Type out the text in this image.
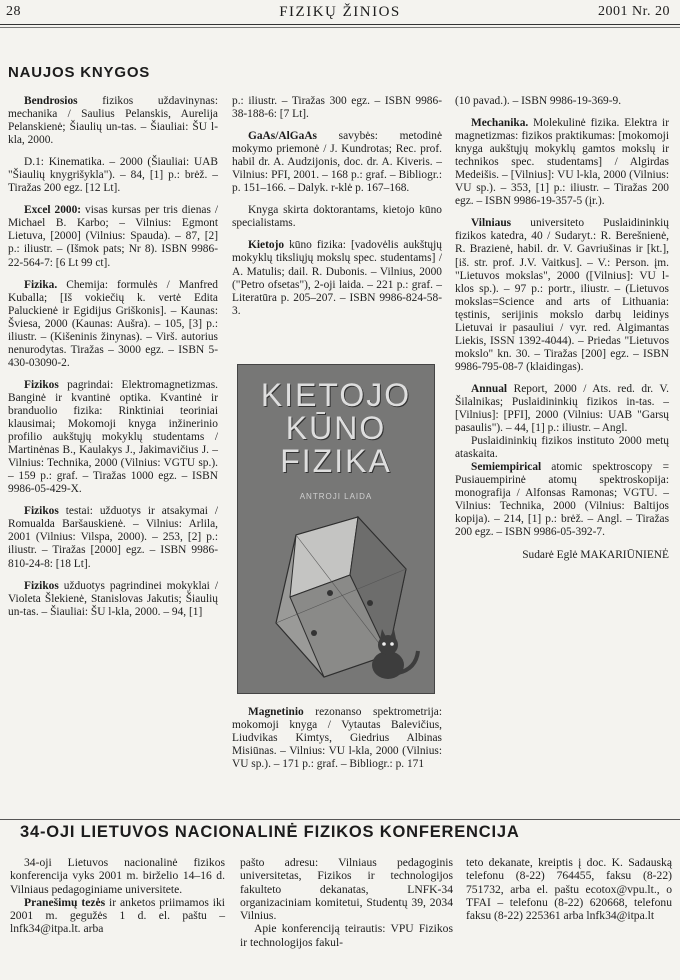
28	FIZIKŲ ŽINIOS	2001 Nr. 20
NAUJOS KNYGOS

Bendrosios fizikos uždavinynas: mechanika / Saulius Pelanskis, Aurelija Pelanskienė; Šiaulių un-tas. – Šiauliai: ŠU l-kla, 2000.

D.1: Kinematika. – 2000 (Šiauliai: UAB "Šiaulių knygrišykla"). – 84, [1] p.: brėž. – Tiražas 200 egz. [12 Lt].

Excel 2000: visas kursas per tris dienas / Michael B. Karbo; – Vilnius: Egmont Lietuva, [2000] (Vilnius: Spauda). – 87, [2] p.: iliustr. – (Išmok pats; Nr 8). ISBN 9986-22-564-7: [6 Lt 99 ct].

Fizika. Chemija: formulės / Manfred Kuballa; [Iš vokiečių k. vertė Edita Paluckienė ir Egidijus Griškonis]. – Kaunas: Šviesa, 2000 (Kaunas: Aušra). – 105, [3] p.: iliustr. – (Kišeninis žinynas). – Virš. autorius nenurodytas. Tiražas – 3000 egz. – ISBN 5-430-03090-2.

Fizikos pagrindai: Elektromagnetizmas. Banginė ir kvantinė optika. Kvantinė ir branduolio fizika: Rinktiniai teoriniai klausimai; Mokomoji knyga inžinerinio profilio aukštųjų mokyklų studentams / Martinėnas B., Kaulakys J., Jakimavičius J. – Vilnius: Technika, 2000 (Vilnius: VGTU sp.). – 159 p.: graf. – Tiražas 1000 egz. – ISBN 9986-05-429-X.

Fizikos testai: užduotys ir atsakymai / Romualda Baršauskienė. – Vilnius: Arlila, 2001 (Vilnius: Vilspa, 2000). – 253, [2] p.: iliustr. – Tiražas [2000] egz. – ISBN 9986-810-24-8: [18 Lt].

Fizikos užduotys pagrindinei mokyklai / Violeta Šlekienė, Stanislovas Jakutis; Šiaulių un-tas. – Šiauliai: ŠU l-kla, 2000. – 94, [1]

p.: iliustr. – Tiražas 300 egz. – ISBN 9986-38-188-6: [7 Lt].

GaAs/AlGaAs savybės: metodinė mokymo priemonė / J. Kundrotas; Rec. prof. habil dr. A. Audzijonis, doc. dr. A. Kiveris. – Vilnius: PFI, 2001. – 168 p.: graf. – Bibliogr.: p. 151–166. – Dalyk. r-klė p. 167–168.

Knyga skirta doktorantams, kietojo kūno specialistams.

Kietojo kūno fizika: [vadovėlis aukštųjų mokyklų tiksliųjų mokslų spec. studentams] / A. Matulis; dail. R. Dubonis. – Vilnius, 2000 ("Petro ofsetas"), 2-oji laida. – 221 p.: graf. – Literatūra p. 205–207. – ISBN 9986-824-58-3.

KIETOJO
KŪNO
FIZIKA
ANTROJI LAIDA

Magnetinio rezonanso spektrometrija: mokomoji knyga / Vytautas Balevičius, Liudvikas Kimtys, Giedrius Albinas Misiūnas. – Vilnius: VU l-kla, 2000 (Vilnius: VU sp.). – 171 p.: graf. – Bibliogr.: p. 171

(10 pavad.). – ISBN 9986-19-369-9.

Mechanika. Molekulinė fizika. Elektra ir magnetizmas: fizikos praktikumas: [mokomoji knyga aukštųjų mokyklų gamtos mokslų ir technikos spec. studentams] / Algirdas Medeišis. – [Vilnius]: VU l-kla, 2000 (Vilnius: VU sp.). – 353, [1] p.: iliustr. – Tiražas 200 egz. – ISBN 9986-19-357-5 (įr.).

Vilniaus universiteto Puslaidininkių fizikos katedra, 40 / Sudaryt.: R. Berešnienė, R. Brazienė, habil. dr. V. Gavriušinas ir [kt.], [iš. str. prof. J.V. Vaitkus]. – V.: Person. įm. "Lietuvos mokslas", 2000 ([Vilnius]: VU l-klos sp.). – 97 p.: portr., iliustr. – (Lietuvos mokslas=Science and arts of Lithuania: tęstinis, serijinis mokslo darbų leidinys Lietuvai ir pasauliui / vyr. red. Algimantas Liekis, ISSN 1392-4044). – Priedas "Lietuvos mokslo" kn. 30. – Tiražas [200] egz. – ISBN 9986-795-08-7 (klaidingas).

Annual Report, 2000 / Ats. red. dr. V. Šilalnikas; Puslaidininkių fizikos in-tas. – [Vilnius]: [PFI], 2000 (Vilnius: UAB "Garsų pasaulis"). – 44, [1] p.: iliustr. – Angl.

Puslaidininkių fizikos instituto 2000 metų ataskaita.

Semiempirical atomic spektroscopy = Pusiauempirinė atomų spektroskopija: monografija / Alfonsas Ramonas; VGTU. – Vilnius: Technika, 2000 (Vilnius: Baltijos kopija). – 214, [1] p.: brėž. – Angl. – Tiražas 200 egz. – ISBN 9986-05-392-7.

Sudarė Eglė MAKARIŪNIENĖ

34-OJI LIETUVOS NACIONALINĖ FIZIKOS KONFERENCIJA

34-oji Lietuvos nacionalinė fizikos konferencija vyks 2001 m. birželio 14–16 d. Vilniaus pedagoginiame universitete.

Pranešimų tezės ir anketos priimamos iki 2001 m. gegužės 1 d. el. paštu – lnfk34@itpa.lt. arba

pašto adresu: Vilniaus pedagoginis universitetas, Fizikos ir technologijos fakulteto dekanatas, LNFK-34 organizaciniam komitetui, Studentų 39, 2034 Vilnius.

Apie konferenciją teirautis: VPU Fizikos ir technologijos fakul-

teto dekanate, kreiptis į doc. K. Sadauską telefonu (8-22) 764455, faksu (8-22) 751732, arba el. paštu ecotox@vpu.lt., o TFAI – telefonu (8-22) 620668, telefonu faksu (8-22) 225361 arba lnfk34@itpa.lt
